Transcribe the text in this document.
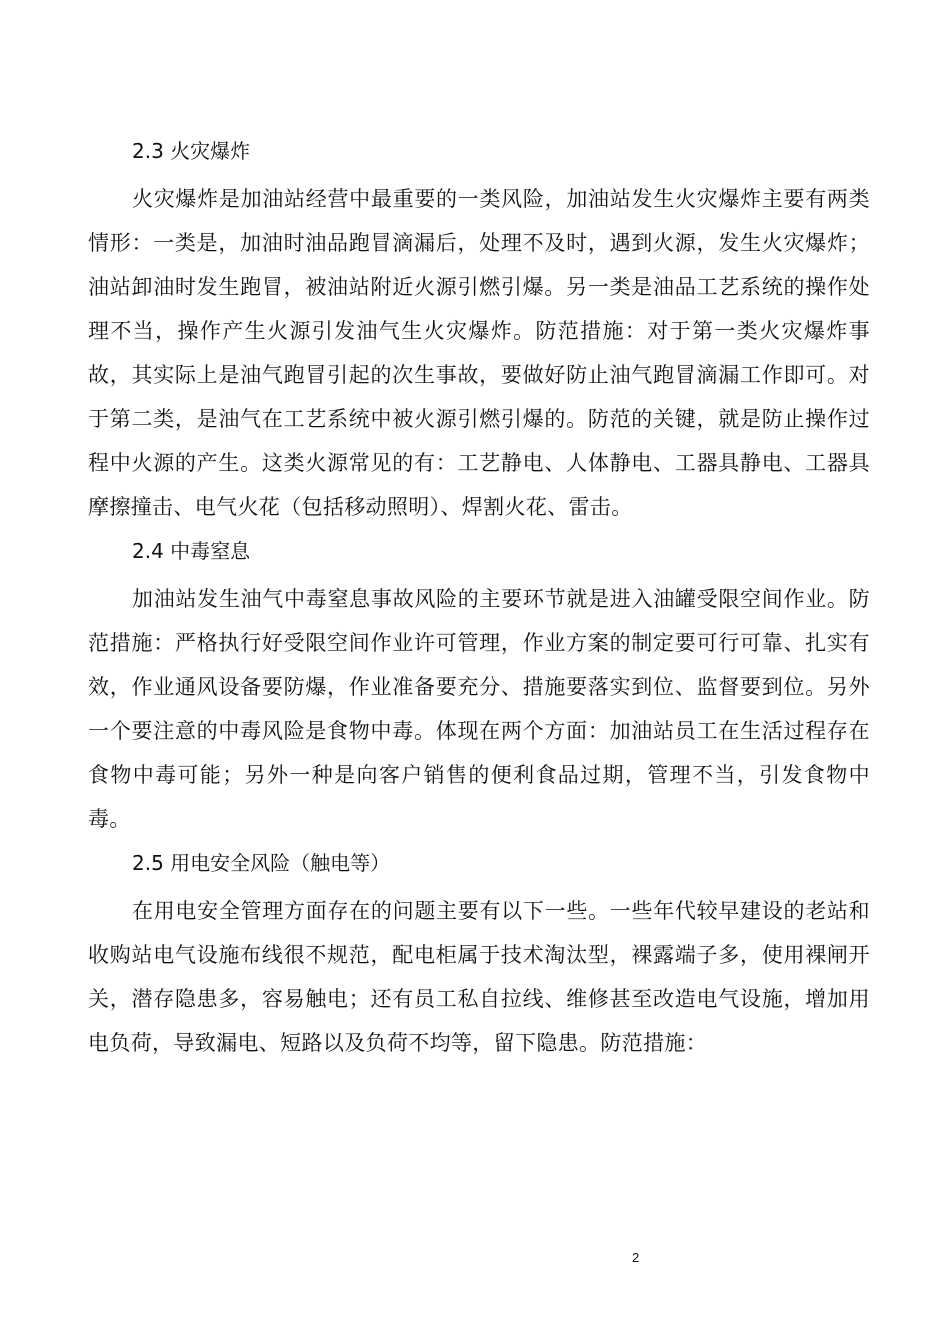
2.3 火灾爆炸

火灾爆炸是加油站经营中最重要的一类风险，加油站发生火灾爆炸主要有两类情形：一类是，加油时油品跑冒滴漏后，处理不及时，遇到火源，发生火灾爆炸；油站卸油时发生跑冒，被油站附近火源引燃引爆。另一类是油品工艺系统的操作处理不当，操作产生火源引发油气生火灾爆炸。防范措施：对于第一类火灾爆炸事故，其实际上是油气跑冒引起的次生事故，要做好防止油气跑冒滴漏工作即可。对于第二类，是油气在工艺系统中被火源引燃引爆的。防范的关键，就是防止操作过程中火源的产生。这类火源常见的有：工艺静电、人体静电、工器具静电、工器具摩擦撞击、电气火花（包括移动照明）、焊割火花、雷击。

2.4 中毒窒息

加油站发生油气中毒窒息事故风险的主要环节就是进入油罐受限空间作业。防范措施：严格执行好受限空间作业许可管理，作业方案的制定要可行可靠、扎实有效，作业通风设备要防爆，作业准备要充分、措施要落实到位、监督要到位。另外一个要注意的中毒风险是食物中毒。体现在两个方面：加油站员工在生活过程存在食物中毒可能；另外一种是向客户销售的便利食品过期，管理不当，引发食物中毒。

2.5 用电安全风险（触电等）

在用电安全管理方面存在的问题主要有以下一些。一些年代较早建设的老站和收购站电气设施布线很不规范，配电柜属于技术淘汰型，裸露端子多，使用裸闸开关，潜存隐患多，容易触电；还有员工私自拉线、维修甚至改造电气设施，增加用电负荷，导致漏电、短路以及负荷不均等，留下隐患。防范措施：

2
